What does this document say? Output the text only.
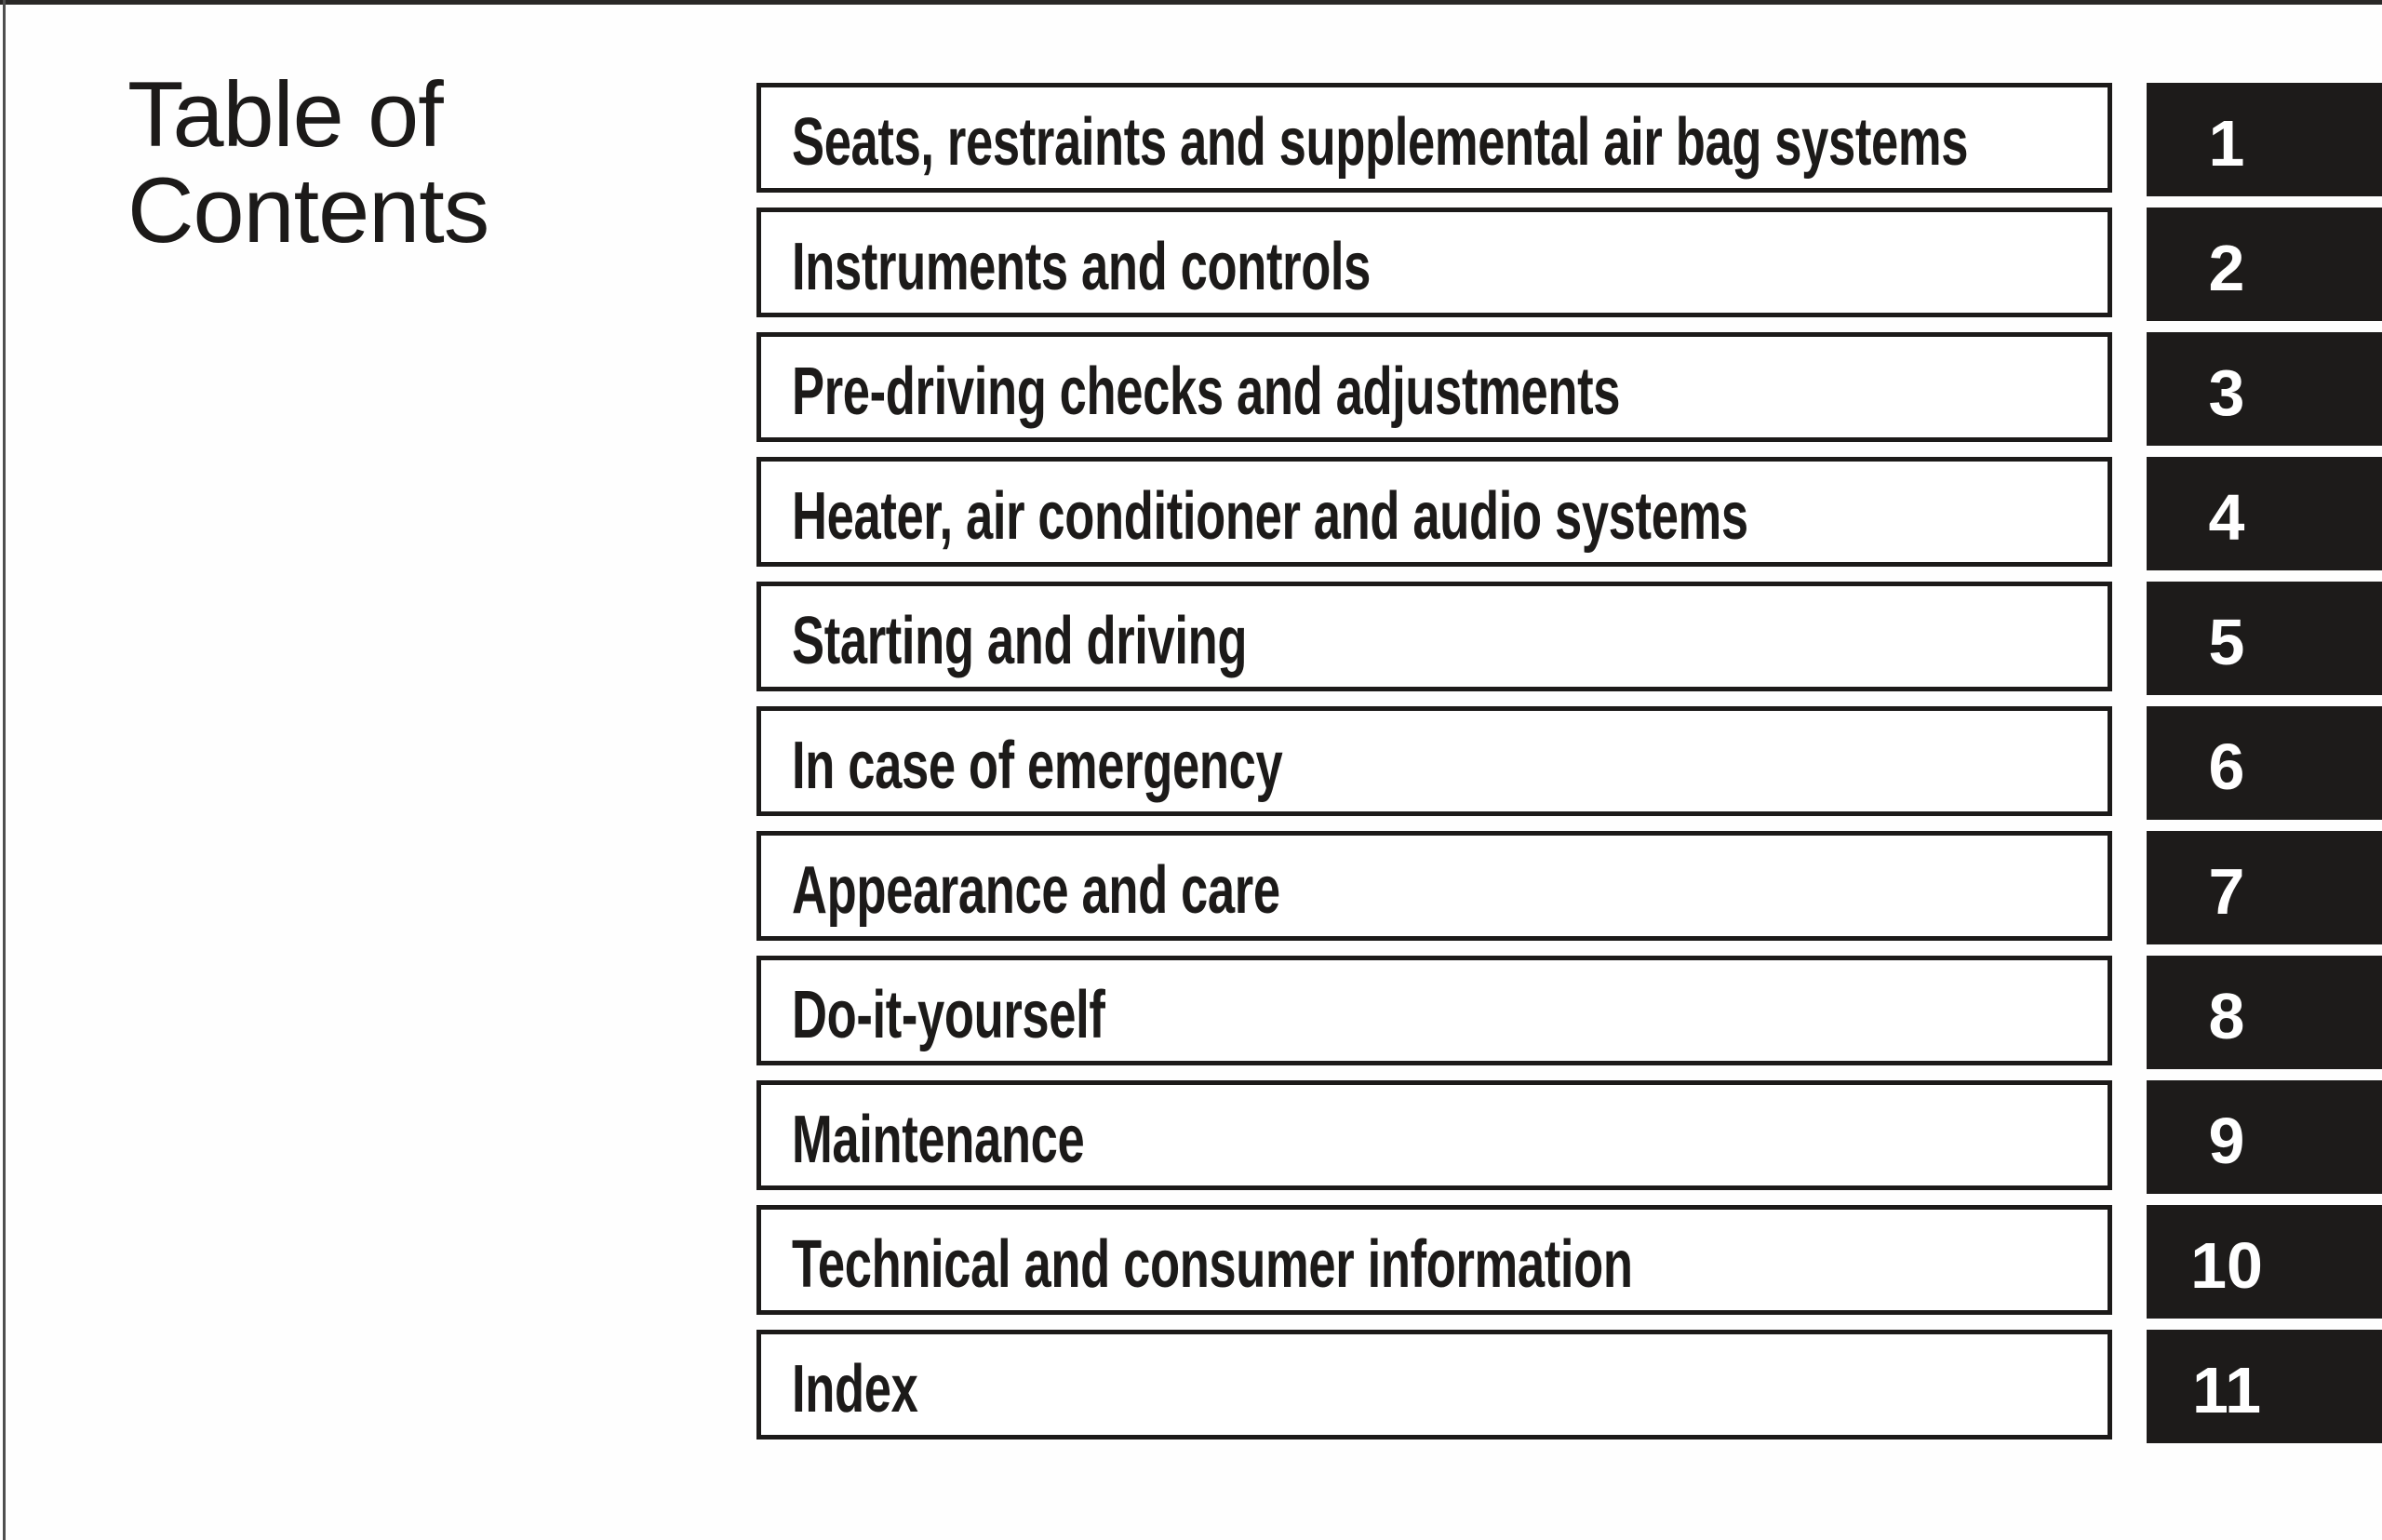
Table of
Contents
Seats, restraints and supplemental air bag systems	1
Instruments and controls	2
Pre-driving checks and adjustments	3
Heater, air conditioner and audio systems	4
Starting and driving	5
In case of emergency	6
Appearance and care	7
Do-it-yourself	8
Maintenance	9
Technical and consumer information	10
Index	11
